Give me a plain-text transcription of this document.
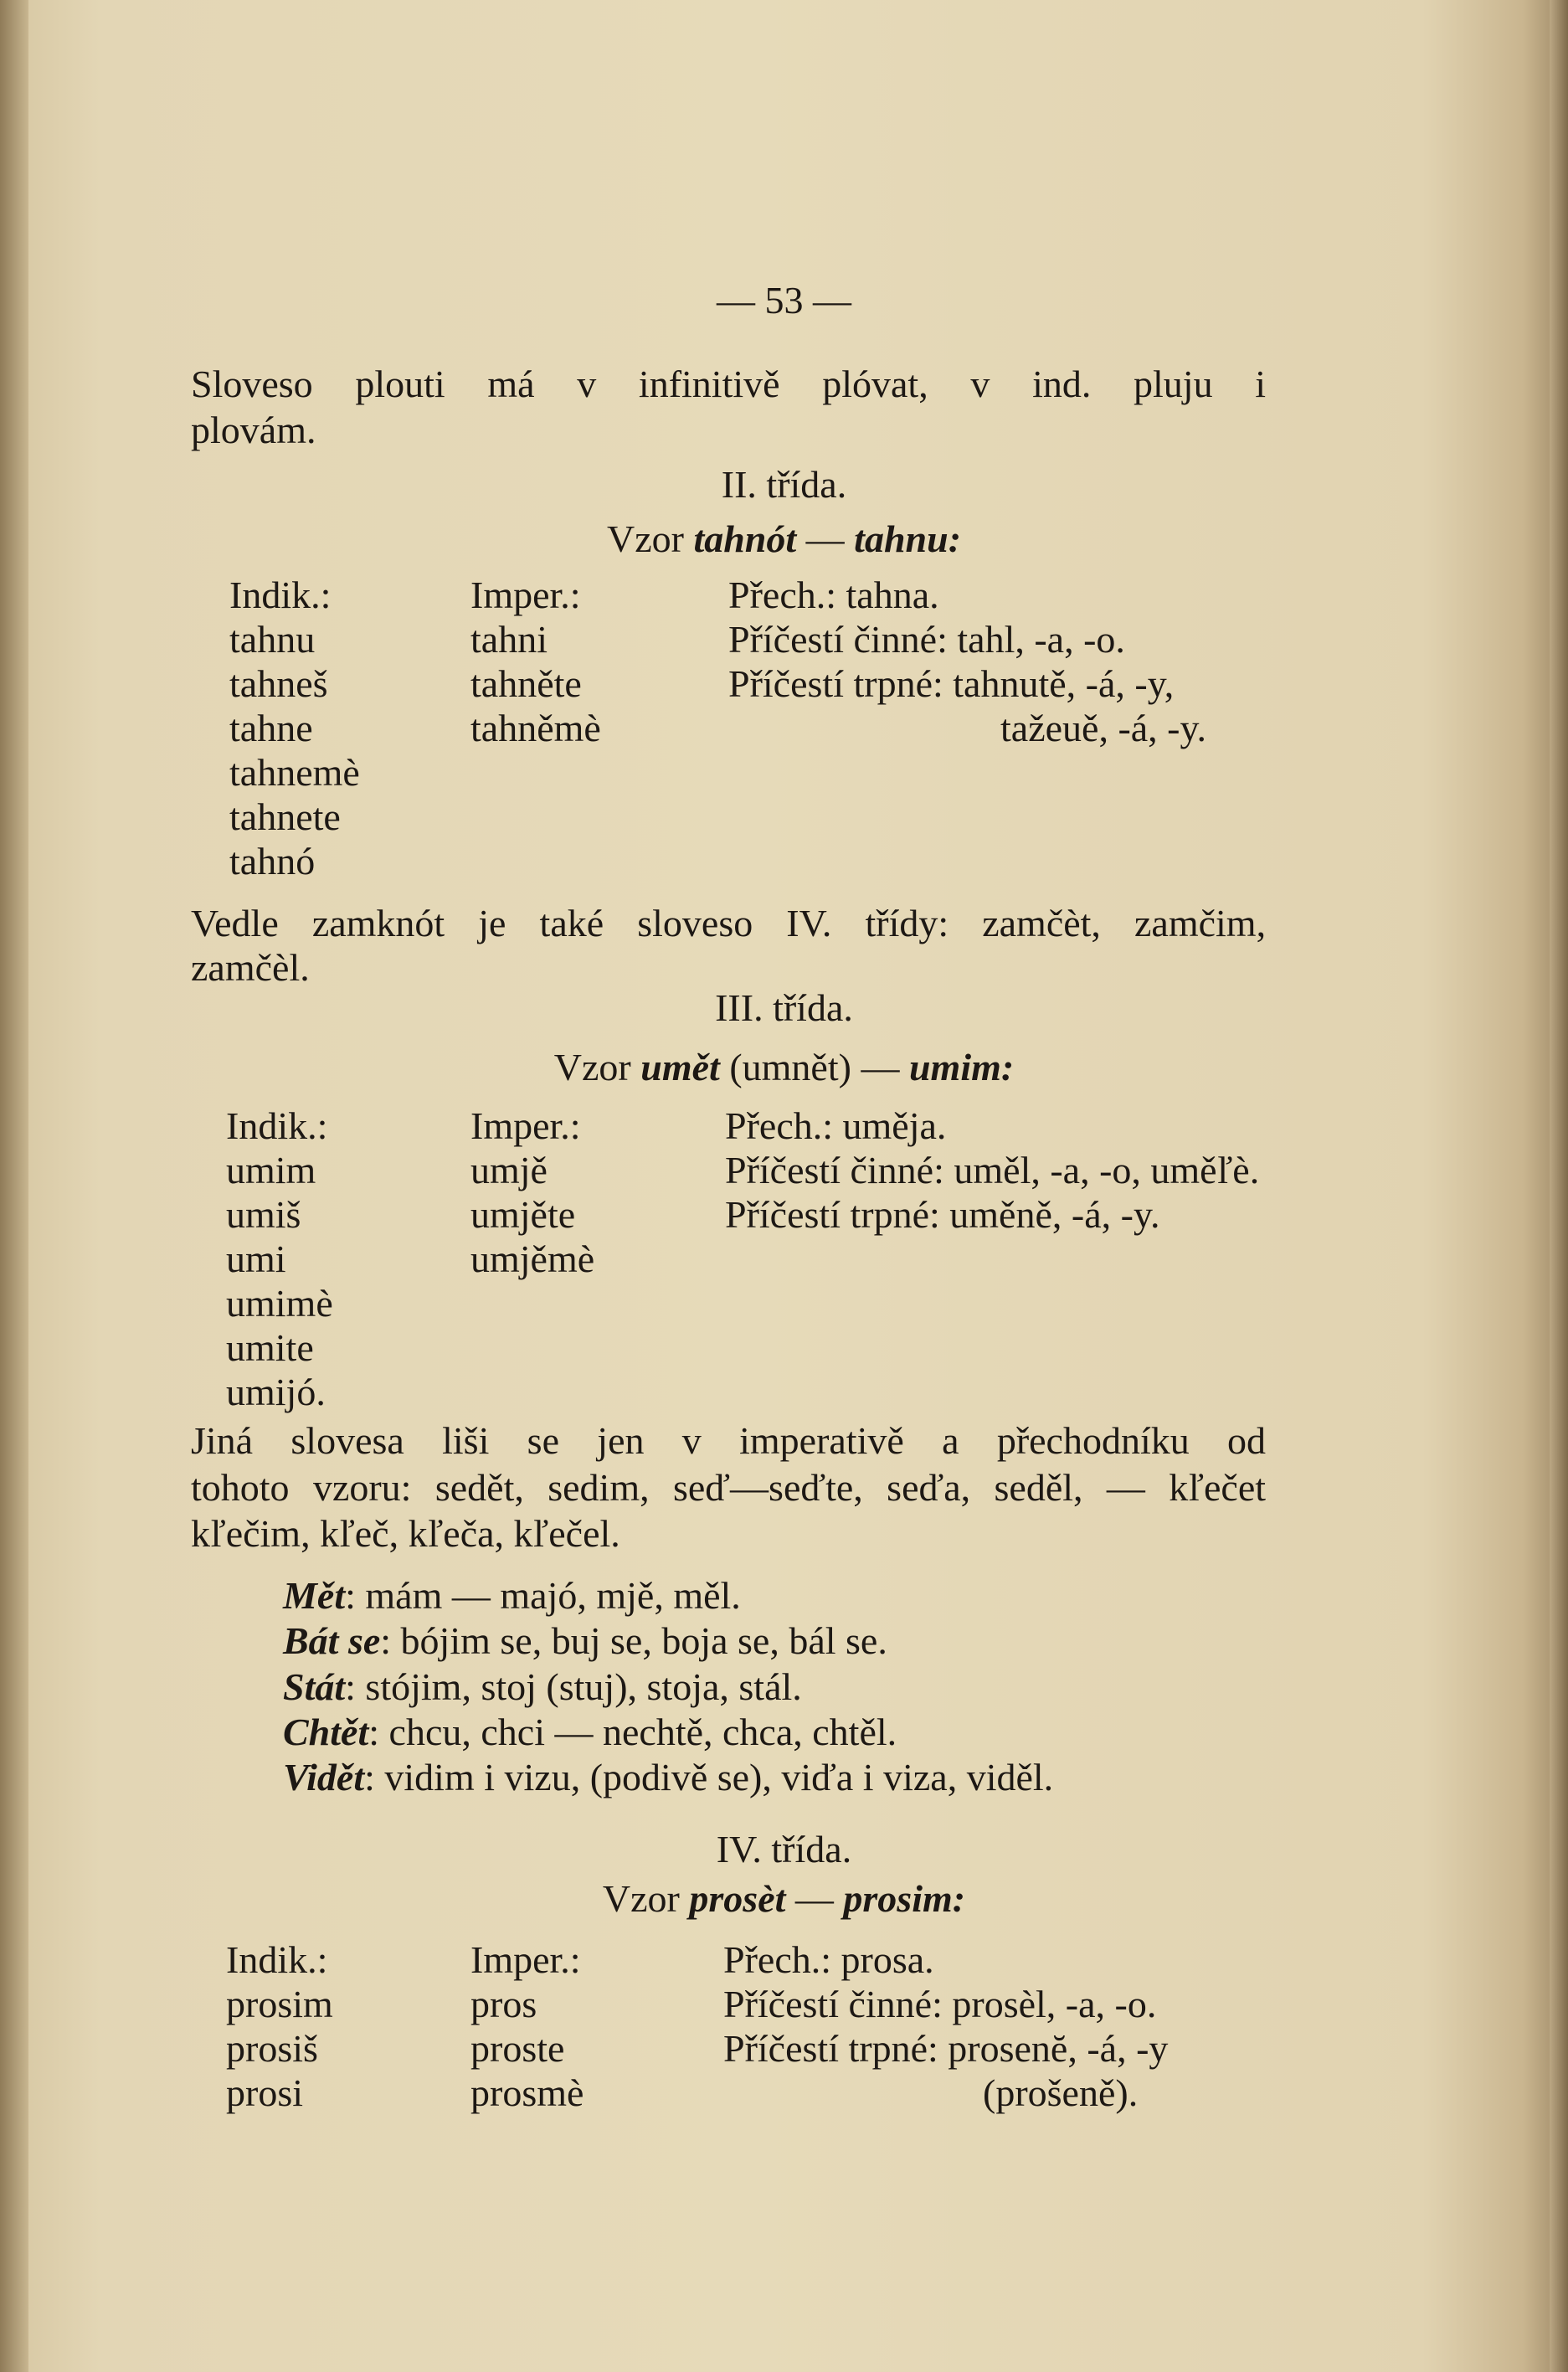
— 53 —
Sloveso plouti má v infinitivě plóvat, v ind. pluju i
plovám.
II. třída.
Vzor tahnót — tahnu:
Indik.:
tahnu
tahneš
tahne
tahnemè
tahnete
tahnó
Imper.:
tahni
tahněte
tahněmè
Přech.: tahna.
Příčestí činné: tahl, -a, -o.
Příčestí trpné: tahnutě, -á, -y,
tažeuě, -á, -y.
Vedle zamknót je také sloveso IV. třídy: zamčèt, zamčim,
zamčèl.
III. třída.
Vzor umět (umnět) — umim:
Indik.:
umim
umiš
umi
umimè
umite
umijó.
Imper.:
umjě
umjěte
umjěmè
Přech.: uměja.
Příčestí činné: uměl, -a, -o, uměľè.
Příčestí trpné: uměně, -á, -y.
Jiná slovesa liši se jen v imperativě a přechodníku od
tohoto vzoru: sedět, sedim, seď—seďte, seďa, seděl, — kľečet
kľečim, kľeč, kľeča, kľečel.
Mět: mám — majó, mjě, měl.
Bát se: bójim se, buj se, boja se, bál se.
Stát: stójim, stoj (stuj), stoja, stál.
Chtět: chcu, chci — nechtě, chca, chtěl.
Vidět: vidim i vizu, (podivě se), viďa i viza, viděl.
IV. třída.
Vzor prosèt — prosim:
Indik.:
prosim
prosiš
prosi
Imper.:
pros
proste
prosmè
Přech.: prosa.
Příčestí činné: prosèl, -a, -o.
Příčestí trpné: prosenĕ, -á, -y
(prošeně).
